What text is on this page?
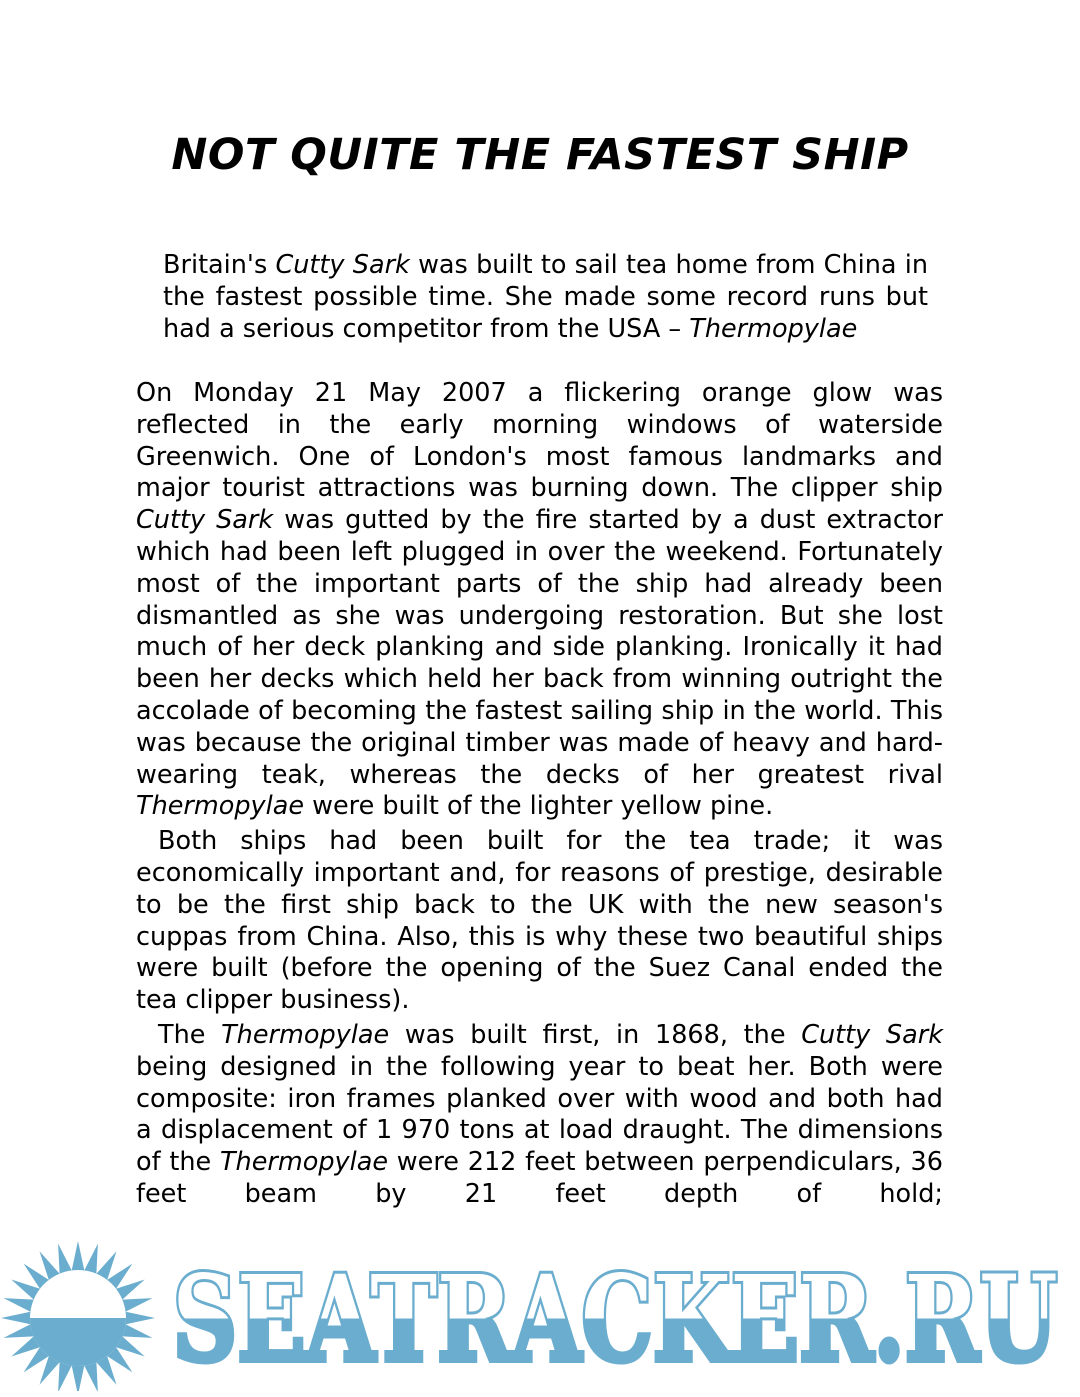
NOT QUITE THE FASTEST SHIP

Britain's Cutty Sark was built to sail tea home from China in the fastest possible time. She made some record runs but had a serious competitor from the USA – Thermopylae

On Monday 21 May 2007 a flickering orange glow was reflected in the early morning windows of waterside Greenwich. One of London's most famous landmarks and major tourist attractions was burning down. The clipper ship Cutty Sark was gutted by the fire started by a dust extractor which had been left plugged in over the weekend. Fortunately most of the important parts of the ship had already been dismantled as she was undergoing restoration. But she lost much of her deck planking and side planking. Ironically it had been her decks which held her back from winning outright the accolade of becoming the fastest sailing ship in the world. This was because the original timber was made of heavy and hard-wearing teak, whereas the decks of her greatest rival Thermopylae were built of the lighter yellow pine.

Both ships had been built for the tea trade; it was economically important and, for reasons of prestige, desirable to be the first ship back to the UK with the new season's cuppas from China. Also, this is why these two beautiful ships were built (before the opening of the Suez Canal ended the tea clipper business).

The Thermopylae was built first, in 1868, the Cutty Sark being designed in the following year to beat her. Both were composite: iron frames planked over with wood and both had a displacement of 1 970 tons at load draught. The dimensions of the Thermopylae were 212 feet between perpendiculars, 36 feet beam by 21 feet depth of hold;

SEATRACKER.RU
